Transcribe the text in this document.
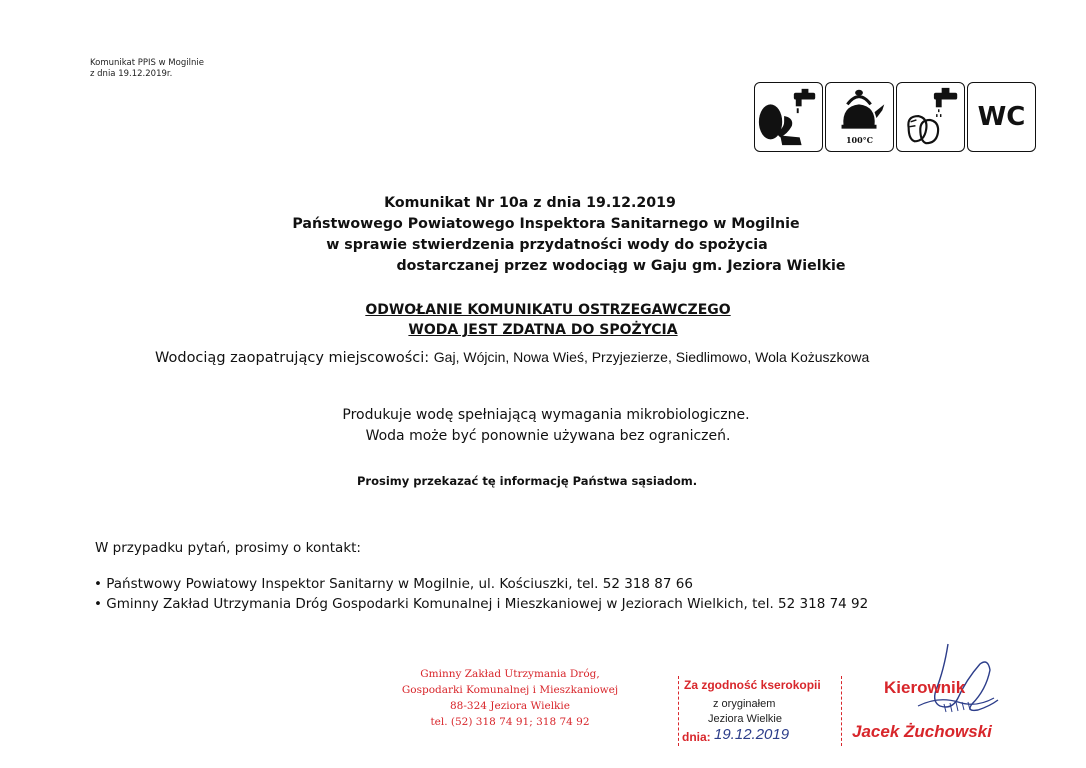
Komunikat PPIS w Mogilnie
z dnia 19.12.2019r.
100°C
WC
Komunikat Nr 10a z dnia 19.12.2019
Państwowego Powiatowego Inspektora Sanitarnego w Mogilnie
w sprawie stwierdzenia przydatności wody do spożycia
dostarczanej przez wodociąg w Gaju gm. Jeziora Wielkie
ODWOŁANIE KOMUNIKATU OSTRZEGAWCZEGO
WODA JEST ZDATNA DO SPOŻYCIA
Wodociąg zaopatrujący miejscowości: Gaj, Wójcin, Nowa Wieś, Przyjezierze, Siedlimowo, Wola Kożuszkowa
Produkuje wodę spełniającą wymagania mikrobiologiczne.
Woda może być ponownie używana bez ograniczeń.
Prosimy przekazać tę informację Państwa sąsiadom.
W przypadku pytań, prosimy o kontakt:
• Państwowy Powiatowy Inspektor Sanitarny w Mogilnie, ul. Kościuszki, tel. 52 318 87 66
• Gminny Zakład Utrzymania Dróg Gospodarki Komunalnej i Mieszkaniowej w Jeziorach Wielkich, tel. 52 318 74 92
Gminny Zakład Utrzymania Dróg,
Gospodarki Komunalnej i Mieszkaniowej
88-324 Jeziora Wielkie
tel. (52) 318 74 91; 318 74 92
Za zgodność kserokopii
z oryginałem
Jeziora Wielkie
dnia: 19.12.2019
Kierownik
Jacek Żuchowski
